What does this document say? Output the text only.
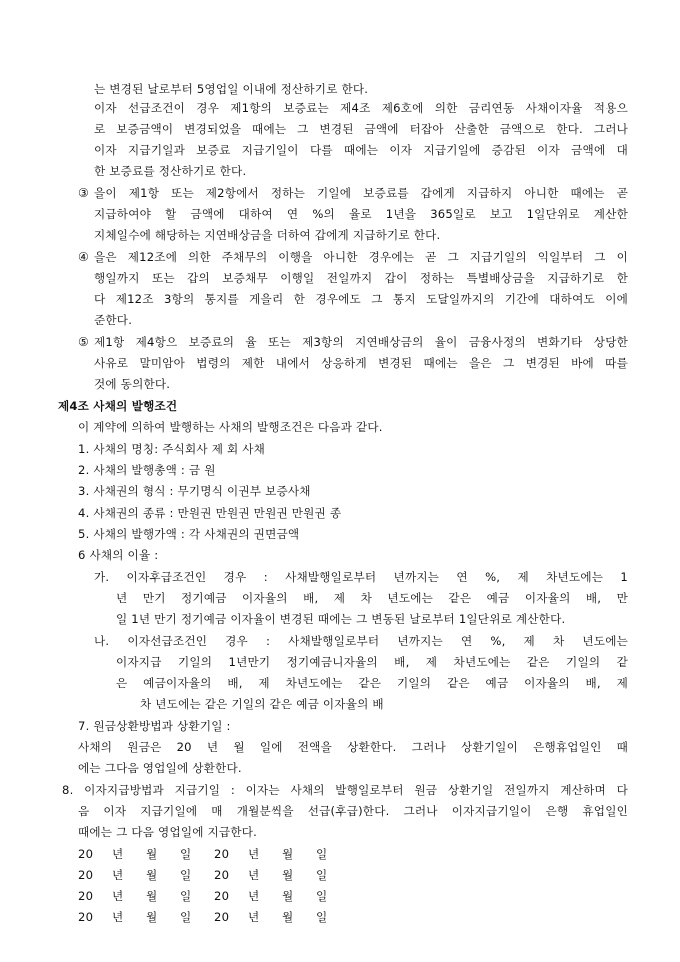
는 변경된 날로부터 5영업일 이내에 정산하기로 한다.
이자 선급조건이 경우 제1항의 보증료는 제4조 제6호에 의한 금리연동 사채이자율 적용으
로 보증금액이 변경되었을 때에는 그 변경된 금액에 터잡아 산출한 금액으로 한다. 그러나
이자 지급기일과 보증료 지급기일이 다를 때에는 이자 지급기일에 증감된 이자 금액에 대
한 보증료를 정산하기로 한다.
③ 을이 제1항 또는 제2항에서 정하는 기일에 보증료를 갑에게 지급하지 아니한 때에는 곧
지급하여야 할 금액에 대하여 연 %의 율로 1년을 365일로 보고 1일단위로 계산한
지체일수에 해당하는 지연배상금을 더하여 갑에게 지급하기로 한다.
④ 을은 제12조에 의한 주채무의 이행을 아니한 경우에는 곧 그 지급기일의 익일부터 그 이
행일까지 또는 갑의 보증채무 이행일 전일까지 갑이 정하는 특별배상금을 지급하기로 한
다 제12조 3항의 통지를 게을리 한 경우에도 그 통지 도달일까지의 기간에 대하여도 이에
준한다.
⑤ 제1항 제4항으 보증료의 율 또는 제3항의 지연배상금의 율이 금융사정의 변화기타 상당한
사유로 말미암아 법령의 제한 내에서 상응하게 변경된 때에는 을은 그 변경된 바에 따를
것에 동의한다.
제4조 사채의 발행조건
이 계약에 의하여 발행하는 사채의 발행조건은 다음과 같다.
1. 사채의 명칭: 주식회사 제 회 사채
2. 사채의 발행총액 : 금 원
3. 사채권의 형식 : 무기명식 이권부 보증사채
4. 사채권의 종류 : 만원권 만원권 만원권 만원권 종
5. 사채의 발행가액 : 각 사채권의 권면금액
6 사채의 이율 :
가. 이자후급조건인 경우 : 사채발행일로부터 년까지는 연 %, 제 차년도에는 1
년 만기 정기예금 이자율의 배, 제 차 년도에는 같은 예금 이자율의 배, 만
일 1년 만기 정기예금 이자율이 변경된 때에는 그 변동된 날로부터 1일단위로 계산한다.
나. 이자선급조건인 경우 : 사채발행일로부터 년까지는 연 %, 제 차 년도에는
이자지급 기일의 1년만기 정기예금니자율의 배, 제 차년도에는 같은 기일의 같
은 예금이자율의 배, 제 차년도에는 같은 기일의 같은 예금 이자율의 배, 제
차 년도에는 같은 기일의 같은 예금 이자율의 배
7. 원금상환방법과 상환기일 :
사채의 원금은 20 년 월 일에 전액을 상환한다. 그러나 상환기일이 은행휴업일인 때
에는 그다음 영업일에 상환한다.
8. 이자지급방법과 지급기일 : 이자는 사채의 발행일로부터 원금 상환기일 전일까지 계산하며 다
음 이자 지급기일에 매 개월분씩을 선급(후급)한다. 그러나 이자지급기일이 은행 휴업일인
때에는 그 다음 영업일에 지급한다.
20 년 월 일 20 년 월 일
20 년 월 일 20 년 월 일
20 년 월 일 20 년 월 일
20 년 월 일 20 년 월 일
